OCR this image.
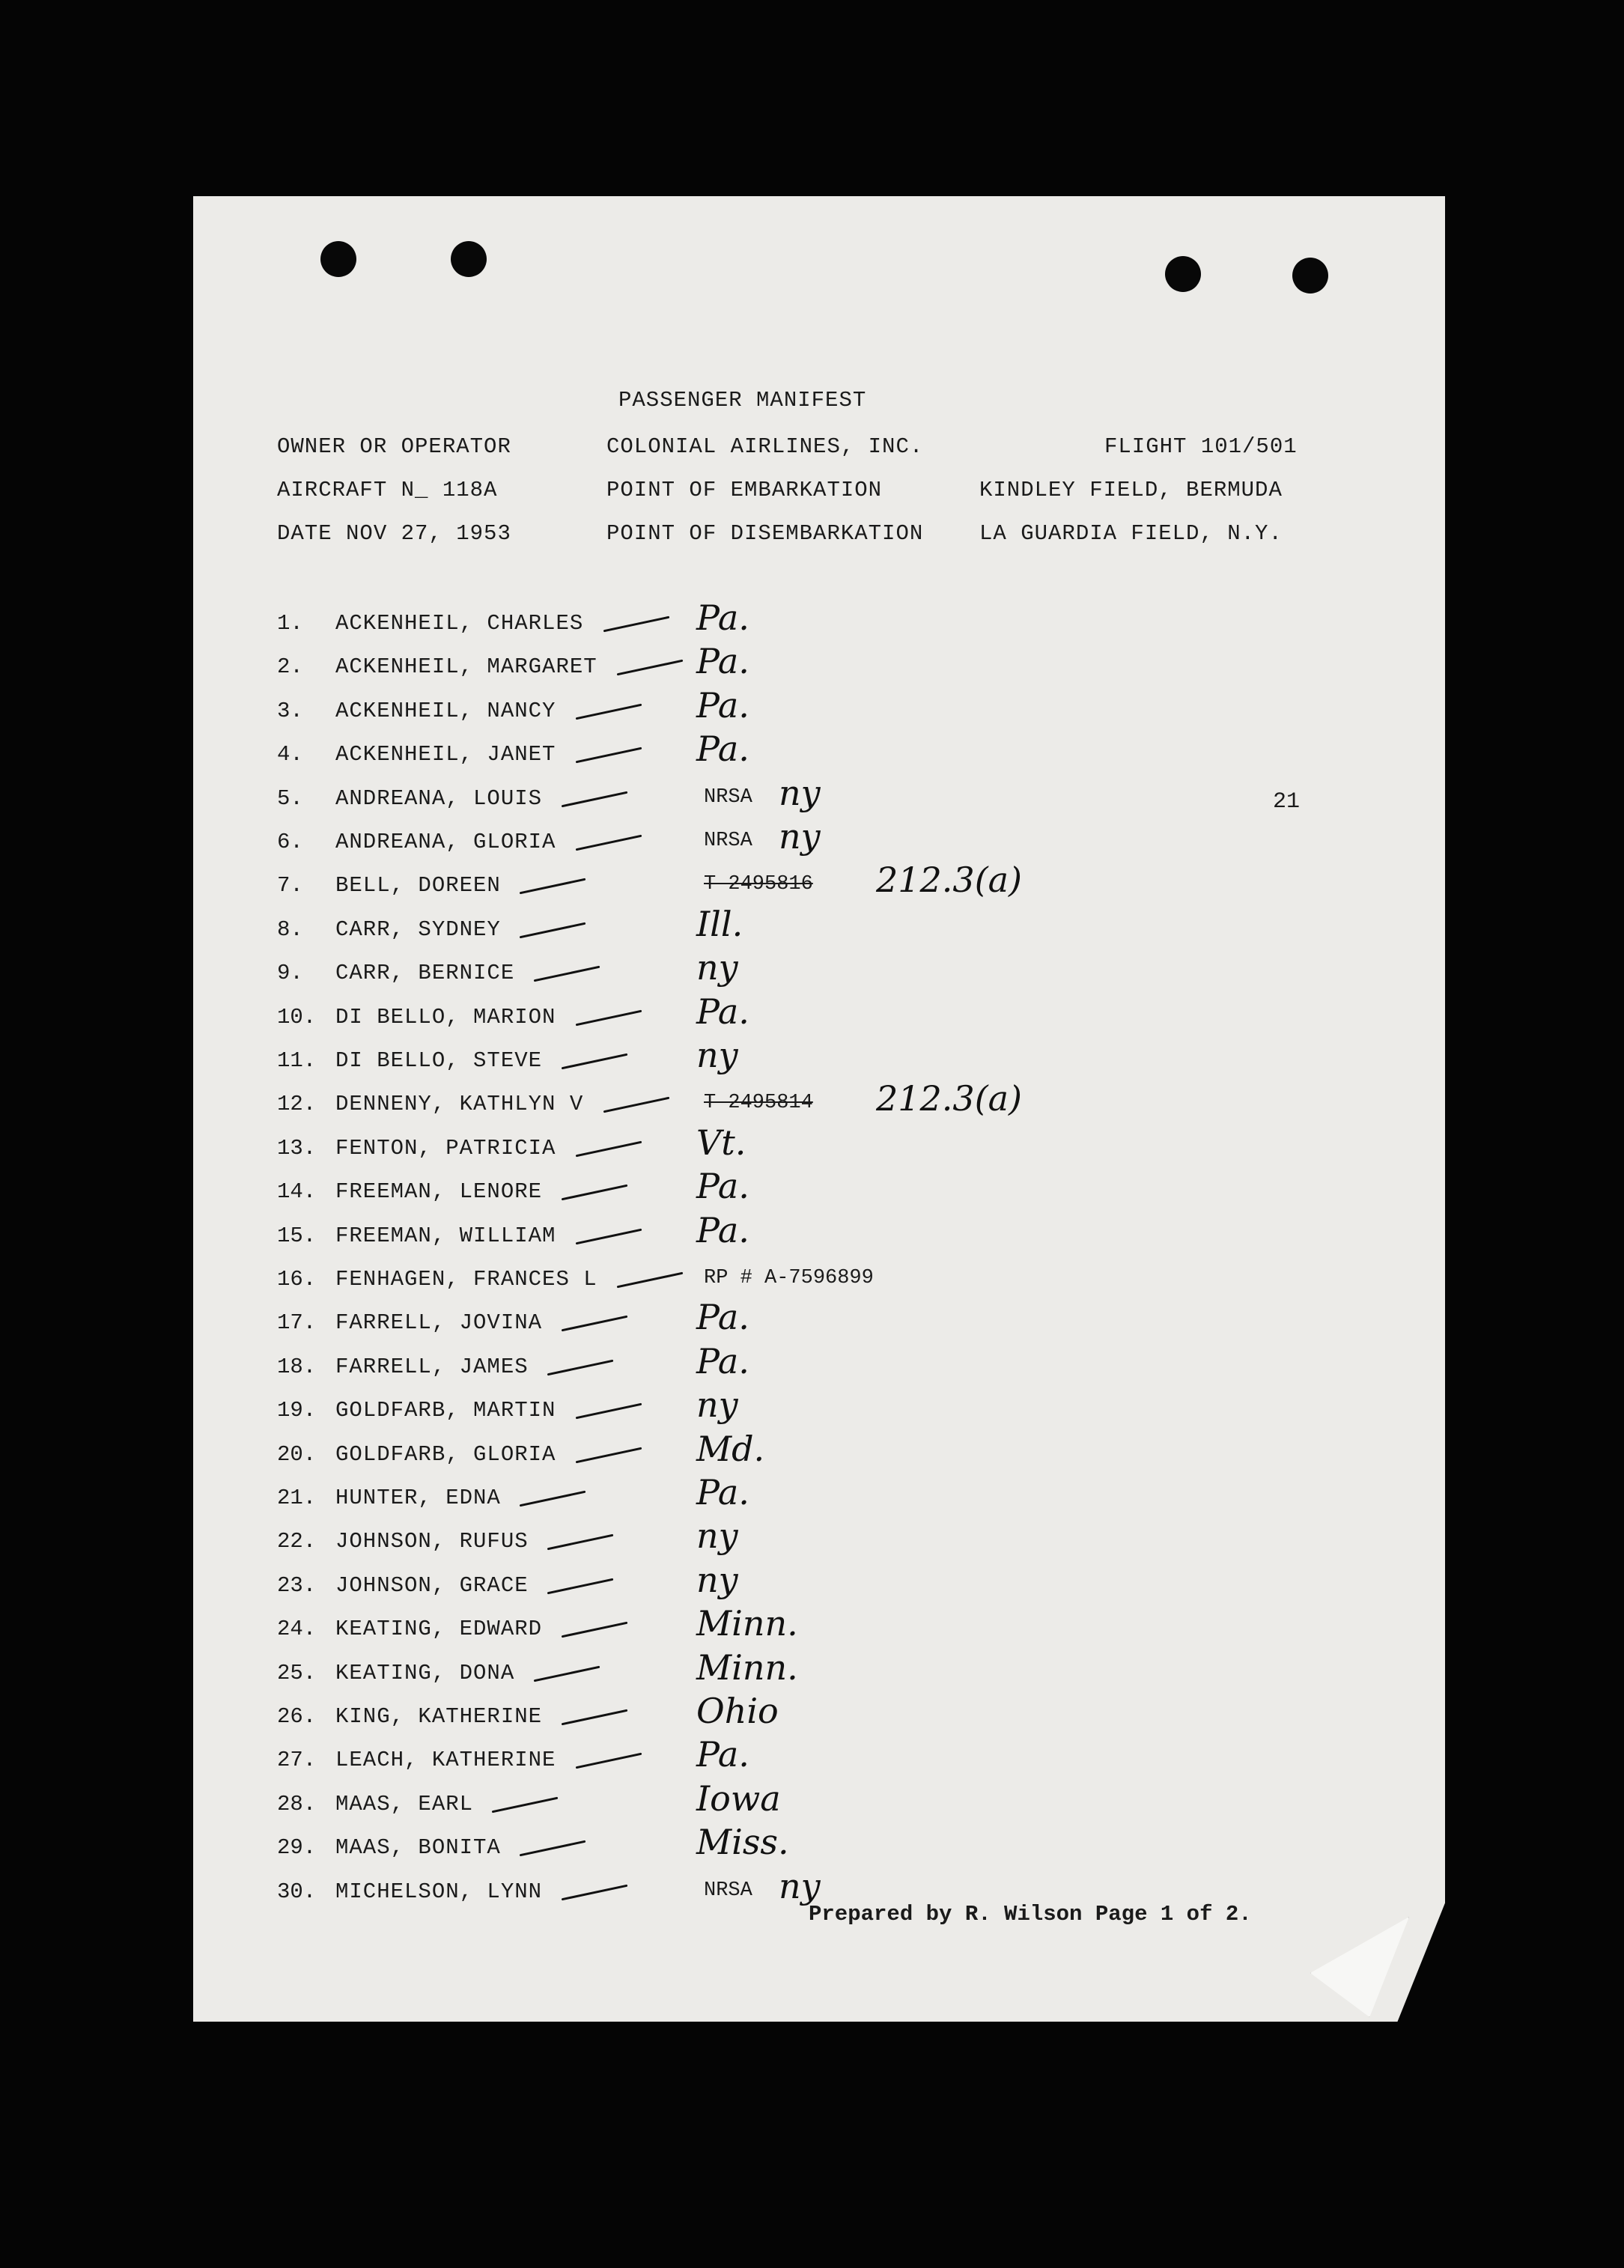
PASSENGER MANIFEST
OWNER OR OPERATOR	COLONIAL AIRLINES, INC.	FLIGHT 101/501
AIRCRAFT N_ 118A	POINT OF EMBARKATION	KINDLEY FIELD, BERMUDA
DATE NOV 27, 1953	POINT OF DISEMBARKATION	LA GUARDIA FIELD, N.Y.
21
1.	ACKENHEIL, CHARLES	Pa.
2.	ACKENHEIL, MARGARET	Pa.
3.	ACKENHEIL, NANCY	Pa.
4.	ACKENHEIL, JANET	Pa.
5.	ANDREANA, LOUIS	NRSA ny
6.	ANDREANA, GLORIA	NRSA ny
7.	BELL, DOREEN	T 2495816 212.3(a)
8.	CARR, SYDNEY	Ill.
9.	CARR, BERNICE	ny
10. DI BELLO, MARION	Pa.
11. DI BELLO, STEVE	ny
12. DENNENY, KATHLYN V	T 2495814 212.3(a)
13. FENTON, PATRICIA	Vt.
14. FREEMAN, LENORE	Pa.
15. FREEMAN, WILLIAM	Pa.
16. FENHAGEN, FRANCES L	RP # A-7596899
17. FARRELL, JOVINA	Pa.
18. FARRELL, JAMES	Pa.
19. GOLDFARB, MARTIN	ny
20. GOLDFARB, GLORIA	Md.
21. HUNTER, EDNA	Pa.
22. JOHNSON, RUFUS	ny
23. JOHNSON, GRACE	ny
24. KEATING, EDWARD	Minn.
25. KEATING, DONA	Minn.
26. KING, KATHERINE	Ohio
27. LEACH, KATHERINE	Pa.
28. MAAS, EARL	Iowa
29. MAAS, BONITA	Miss.
30. MICHELSON, LYNN	NRSA ny
Prepared by R. Wilson Page 1 of 2.
